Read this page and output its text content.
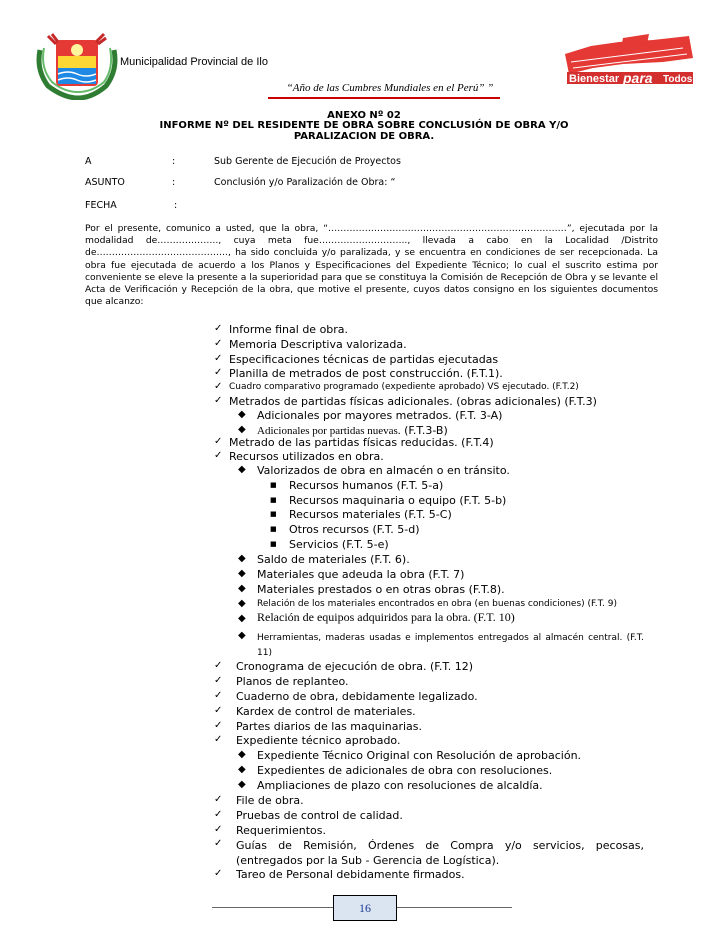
Municipalidad Provincial de Ilo
“Año de las Cumbres Mundiales en el Perú” ”
Bienestar para Todos
ANEXO Nº 02
INFORME Nº DEL RESIDENTE DE OBRA SOBRE CONCLUSIÓN DE OBRA Y/O
PARALIZACION DE OBRA.
A	:	Sub Gerente de Ejecución de Proyectos
ASUNTO	:	Conclusión y/o Paralización de Obra: “
FECHA	:

Por el presente, comunico a usted, que la obra, “……………………………………………………………………”, ejecutada por la modalidad de……………….., cuya meta fue……………………….., llevada a cabo en la Localidad /Distrito de……………………………………., ha sido concluida y/o paralizada, y se encuentra en condiciones de ser recepcionada. La obra fue ejecutada de acuerdo a los Planos y Especificaciones del Expediente Técnico; lo cual el suscrito estima por conveniente se eleve la presente a la superioridad para que se constituya la Comisión de Recepción de Obra y se levante el Acta de Verificación y Recepción de la obra, que motive el presente, cuyos datos consigno en los siguientes documentos que alcanzo:

✓ Informe final de obra.
✓ Memoria Descriptiva valorizada.
✓ Especificaciones técnicas de partidas ejecutadas
✓ Planilla de metrados de post construcción. (F.T.1).
✓ Cuadro comparativo programado (expediente aprobado) VS ejecutado. (F.T.2)
✓ Metrados de partidas físicas adicionales. (obras adicionales) (F.T.3)
◆ Adicionales por mayores metrados. (F.T. 3-A)
◆ Adicionales por partidas nuevas. (F.T.3-B)
✓ Metrado de las partidas físicas reducidas. (F.T.4)
✓ Recursos utilizados en obra.
◆ Valorizados de obra en almacén o en tránsito.
■ Recursos humanos (F.T. 5-a)
■ Recursos maquinaria o equipo (F.T. 5-b)
■ Recursos materiales (F.T. 5-C)
■ Otros recursos (F.T. 5-d)
■ Servicios (F.T. 5-e)
◆ Saldo de materiales (F.T. 6).
◆ Materiales que adeuda la obra (F.T. 7)
◆ Materiales prestados o en otras obras (F.T.8).
◆ Relación de los materiales encontrados en obra (en buenas condiciones) (F.T. 9)
◆ Relación de equipos adquiridos para la obra. (F.T. 10)
◆ Herramientas, maderas usadas e implementos entregados al almacén central. (F.T. 11)
✓ Cronograma de ejecución de obra. (F.T. 12)
✓ Planos de replanteo.
✓ Cuaderno de obra, debidamente legalizado.
✓ Kardex de control de materiales.
✓ Partes diarios de las maquinarias.
✓ Expediente técnico aprobado.
◆ Expediente Técnico Original con Resolución de aprobación.
◆ Expedientes de adicionales de obra con resoluciones.
◆ Ampliaciones de plazo con resoluciones de alcaldía.
✓ File de obra.
✓ Pruebas de control de calidad.
✓ Requerimientos.
✓ Guías de Remisión, Órdenes de Compra y/o servicios, pecosas, (entregados por la Sub - Gerencia de Logística).
✓ Tareo de Personal debidamente firmados.
16
